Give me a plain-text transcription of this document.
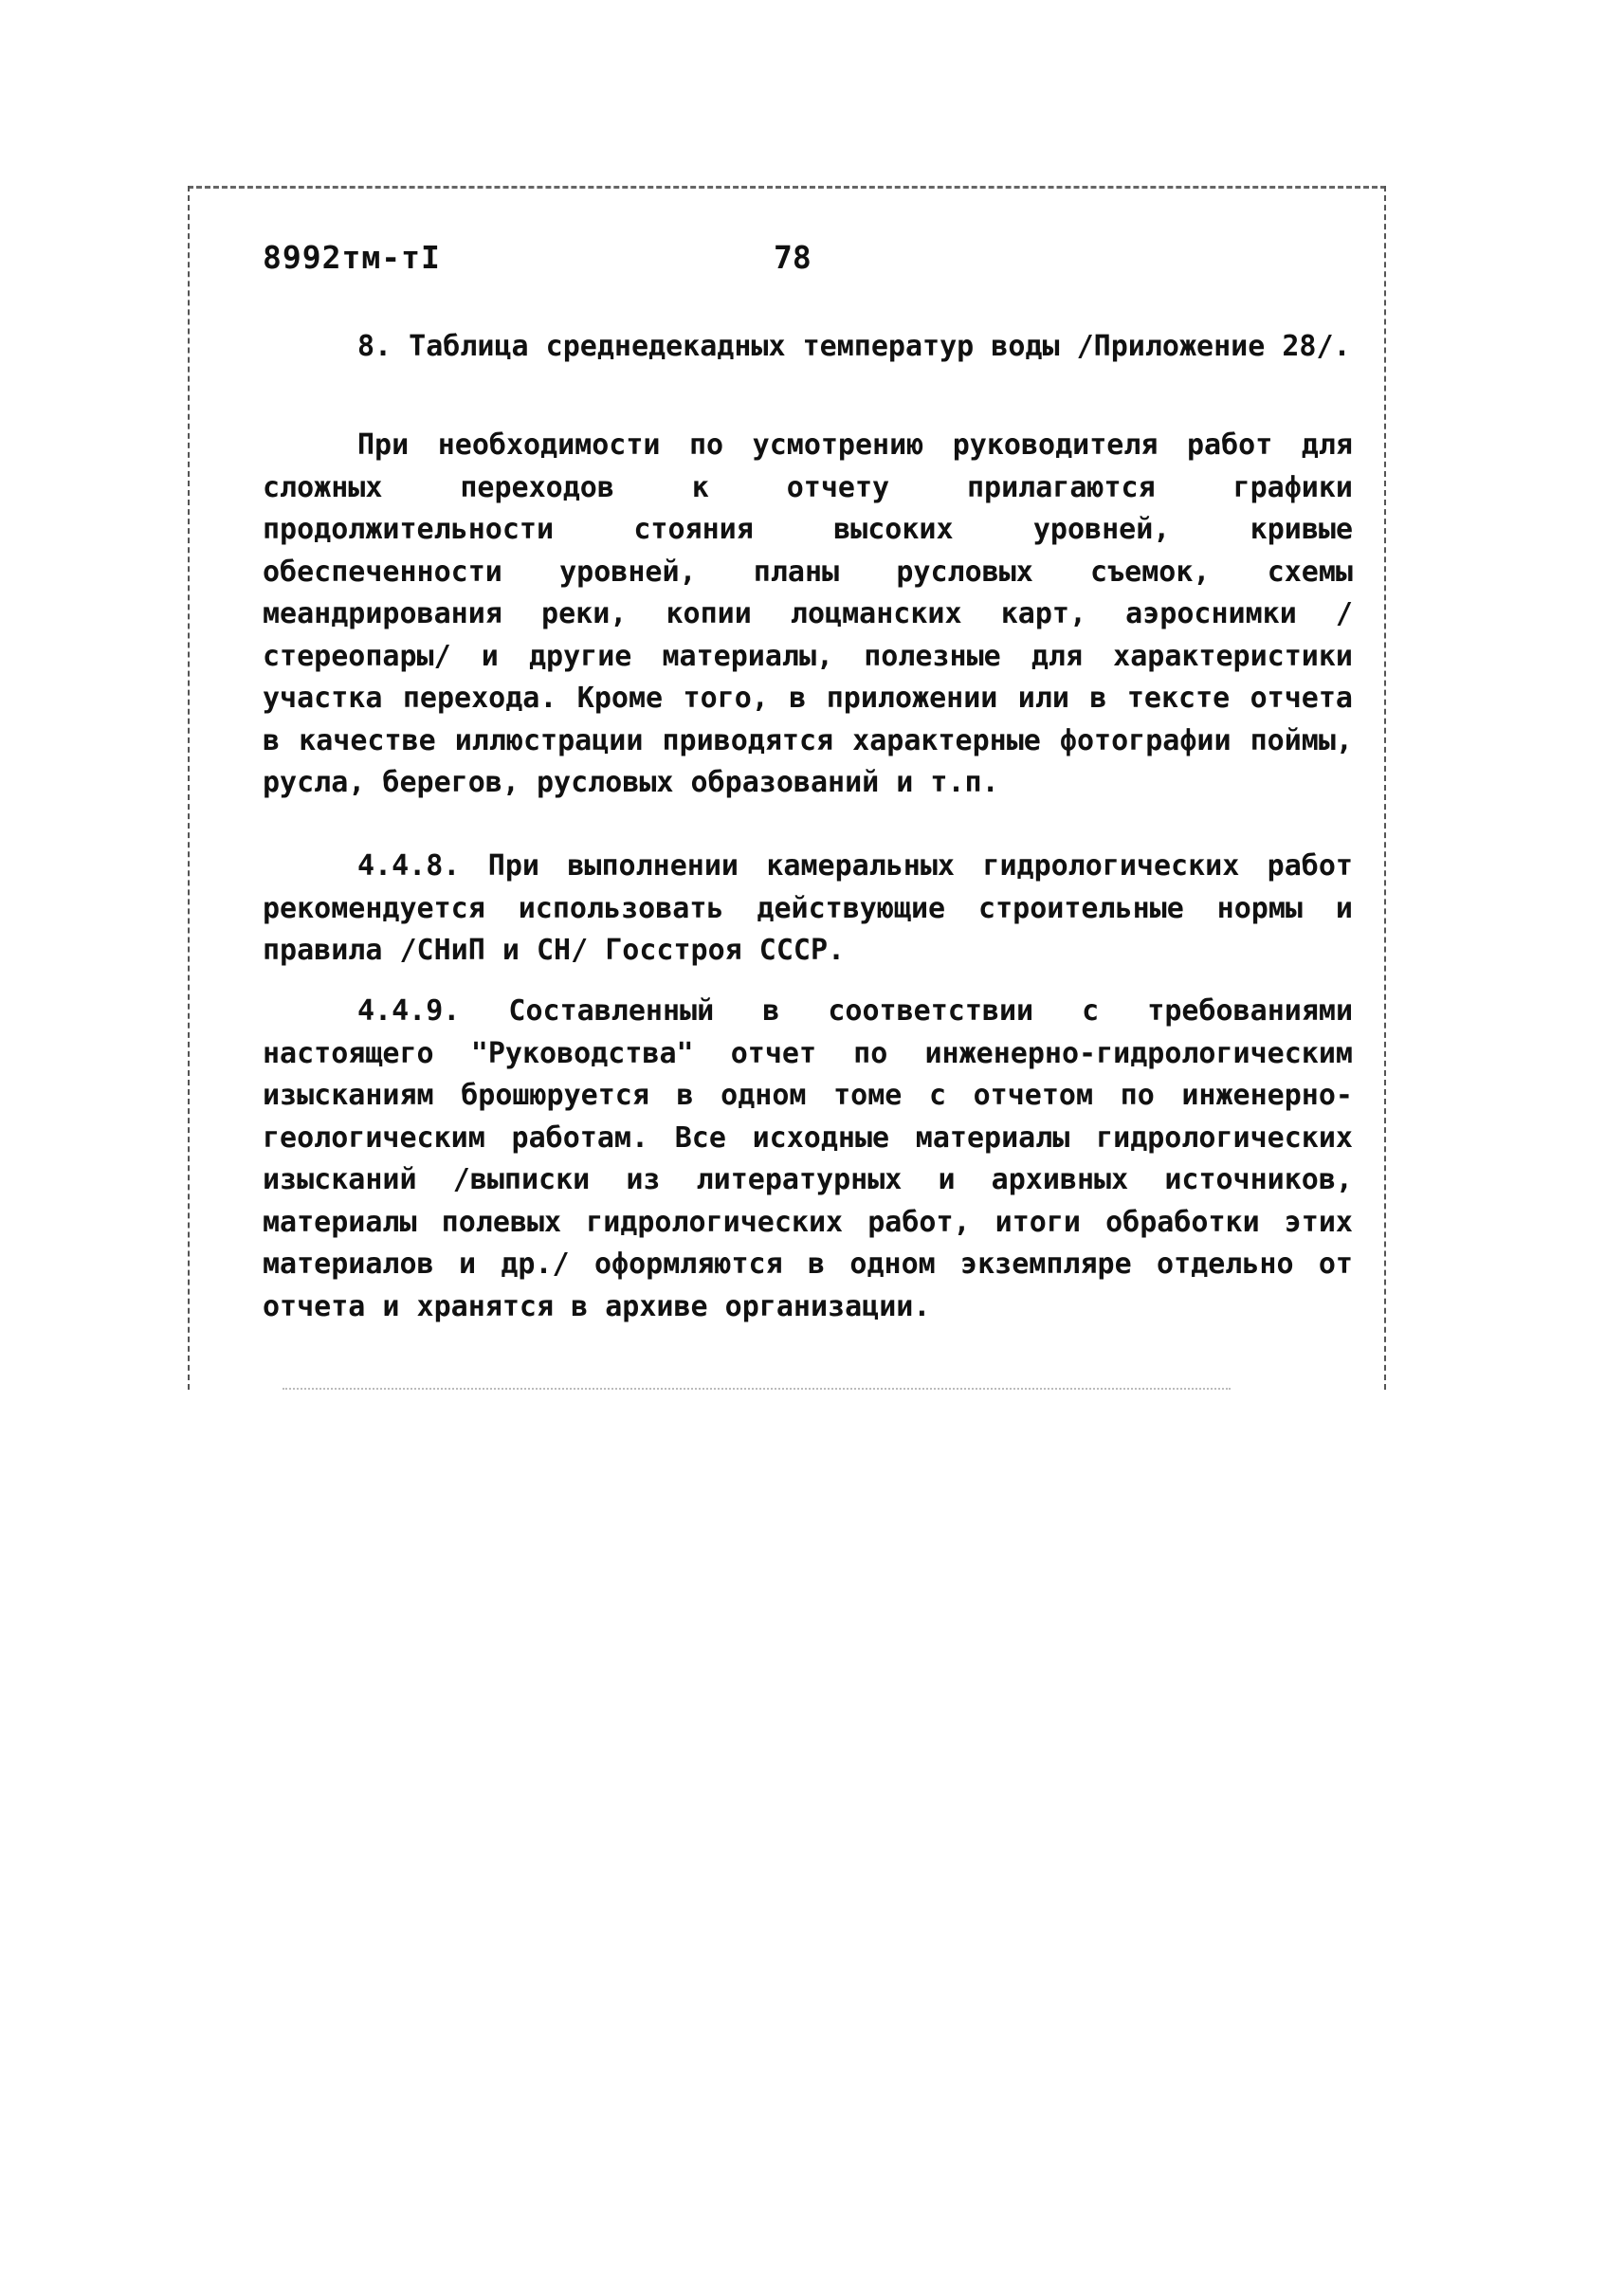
8992тм-тI	78

8. Таблица среднедекадных температур воды /Приложение 28/.

При необходимости по усмотрению руководителя работ для сложных переходов к отчету прилагаются графики продолжительности стояния высоких уровней, кривые обеспеченности уровней, планы русловых съемок, схемы меандрирования реки, копии лоцманских карт, аэроснимки /стереопары/ и другие материалы, полезные для характеристики участка перехода. Кроме того, в приложении или в тексте отчета в качестве иллюстрации приводятся характерные фотографии поймы, русла, берегов, русловых образований и т.п.

4.4.8. При выполнении камеральных гидрологических работ рекомендуется использовать действующие строительные нормы и правила /СНиП и СН/ Госстроя СССР.

4.4.9. Составленный в соответствии с требованиями настоящего "Руководства" отчет по инженерно-гидрологическим изысканиям брошюруется в одном томе с отчетом по инженерно-геологическим работам. Все исходные материалы гидрологических изысканий /выписки из литературных и архивных источников, материалы полевых гидрологических работ, итоги обработки этих материалов и др./ оформляются в одном экземпляре отдельно от отчета и хранятся в архиве организации.
